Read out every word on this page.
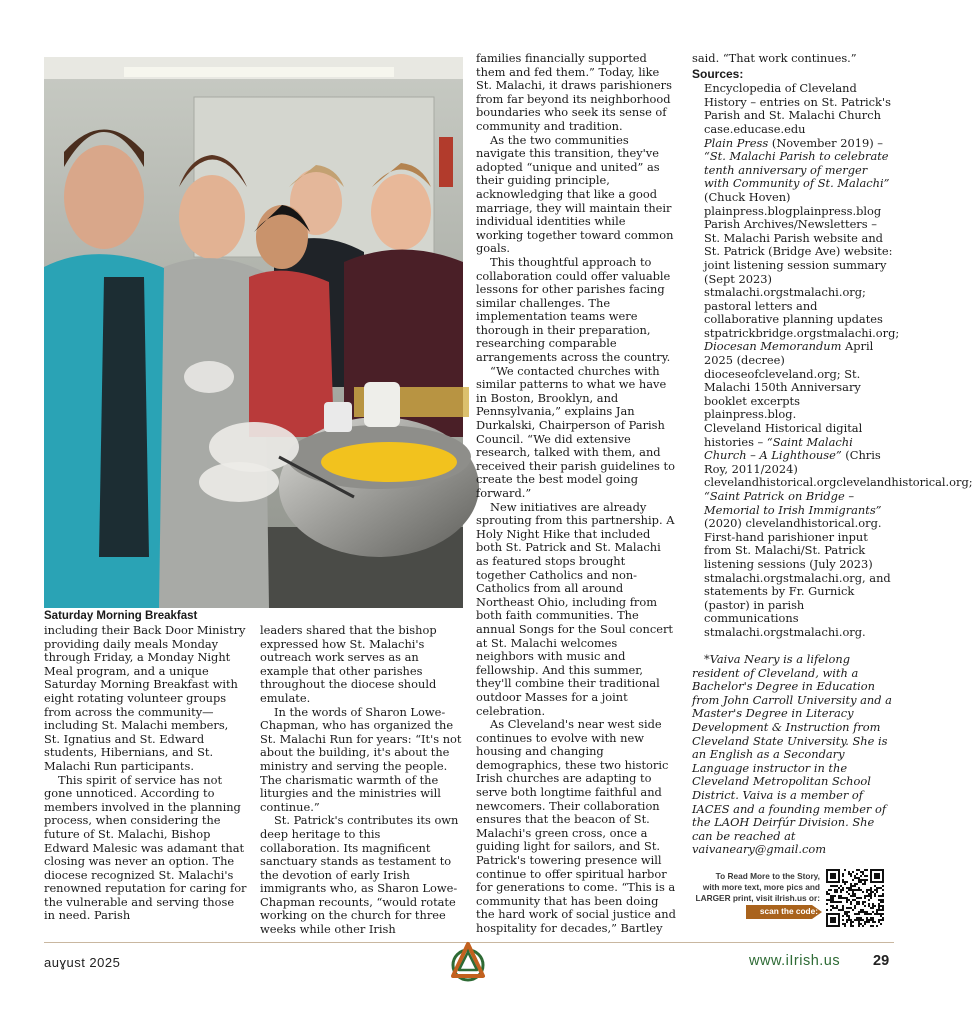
Saturday Morning Breakfast

including their Back Door Ministry providing daily meals Monday through Friday, a Monday Night Meal program, and a unique Saturday Morning Breakfast with eight rotating volunteer groups from across the community—including St. Malachi members, St. Ignatius and St. Edward students, Hibernians, and St. Malachi Run participants.

This spirit of service has not gone unnoticed. According to members involved in the planning process, when considering the future of St. Malachi, Bishop Edward Malesic was adamant that closing was never an option. The diocese recognized St. Malachi's renowned reputation for caring for the vulnerable and serving those in need. Parish

leaders shared that the bishop expressed how St. Malachi's outreach work serves as an example that other parishes throughout the diocese should emulate.

In the words of Sharon Lowe-Chapman, who has organized the St. Malachi Run for years: “It's not about the building, it's about the ministry and serving the people. The charismatic warmth of the liturgies and the ministries will continue.”

St. Patrick's contributes its own deep heritage to this collaboration. Its magnificent sanctuary stands as testament to the devotion of early Irish immigrants who, as Sharon Lowe-Chapman recounts, “would rotate working on the church for three weeks while other Irish

families financially supported them and fed them.” Today, like St. Malachi, it draws parishioners from far beyond its neighborhood boundaries who seek its sense of community and tradition.

As the two communities navigate this transition, they've adopted “unique and united” as their guiding principle, acknowledging that like a good marriage, they will maintain their individual identities while working together toward common goals.

This thoughtful approach to collaboration could offer valuable lessons for other parishes facing similar challenges. The implementation teams were thorough in their preparation, researching comparable arrangements across the country.

“We contacted churches with similar patterns to what we have in Boston, Brooklyn, and Pennsylvania,” explains Jan Durkalski, Chairperson of Parish Council. “We did extensive research, talked with them, and received their parish guidelines to create the best model going forward.”

New initiatives are already sprouting from this partnership. A Holy Night Hike that included both St. Patrick and St. Malachi as featured stops brought together Catholics and non-Catholics from all around Northeast Ohio, including from both faith communities. The annual Songs for the Soul concert at St. Malachi welcomes neighbors with music and fellowship. And this summer, they'll combine their traditional outdoor Masses for a joint celebration.

As Cleveland's near west side continues to evolve with new housing and changing demographics, these two historic Irish churches are adapting to serve both longtime faithful and newcomers. Their collaboration ensures that the beacon of St. Malachi's green cross, once a guiding light for sailors, and St. Patrick's towering presence will continue to offer spiritual harbor for generations to come. “This is a community that has been doing the hard work of social justice and hospitality for decades,” Bartley

said. “That work continues.”

Sources:

Encyclopedia of Cleveland History – entries on St. Patrick's Parish and St. Malachi Church case.educase.edu

Plain Press (November 2019) – “St. Malachi Parish to celebrate tenth anniversary of merger with Community of St. Malachi” (Chuck Hoven) plainpress.blogplainpress.blog

Parish Archives/Newsletters – St. Malachi Parish website and St. Patrick (Bridge Ave) website: joint listening session summary (Sept 2023) stmalachi.orgstmalachi.org; pastoral letters and collaborative planning updates stpatrickbridge.orgstmalachi.org; Diocesan Memorandum April 2025 (decree) dioceseofcleveland.org; St. Malachi 150th Anniversary booklet excerpts plainpress.blog.

Cleveland Historical digital histories – “Saint Malachi Church – A Lighthouse” (Chris Roy, 2011/2024) clevelandhistorical.orgclevelandhistorical.org; “Saint Patrick on Bridge – Memorial to Irish Immigrants” (2020) clevelandhistorical.org.

First-hand parishioner input from St. Malachi/St. Patrick listening sessions (July 2023) stmalachi.orgstmalachi.org, and statements by Fr. Gurnick (pastor) in parish communications stmalachi.orgstmalachi.org.

*Vaiva Neary is a lifelong resident of Cleveland, with a Bachelor's Degree in Education from John Carroll University and a Master's Degree in Literacy Development & Instruction from Cleveland State University. She is an English as a Secondary Language instructor in the Cleveland Metropolitan School District. Vaiva is a member of IACES and a founding member of the LAOH Deirfúr Division. She can be reached at vaivaneary@gmail.com

To Read More to the Story,
with more text, more pics and
LARGER print, visit iIrish.us or:
scan the code:
auɣust 2025	www.iIrish.us 29
